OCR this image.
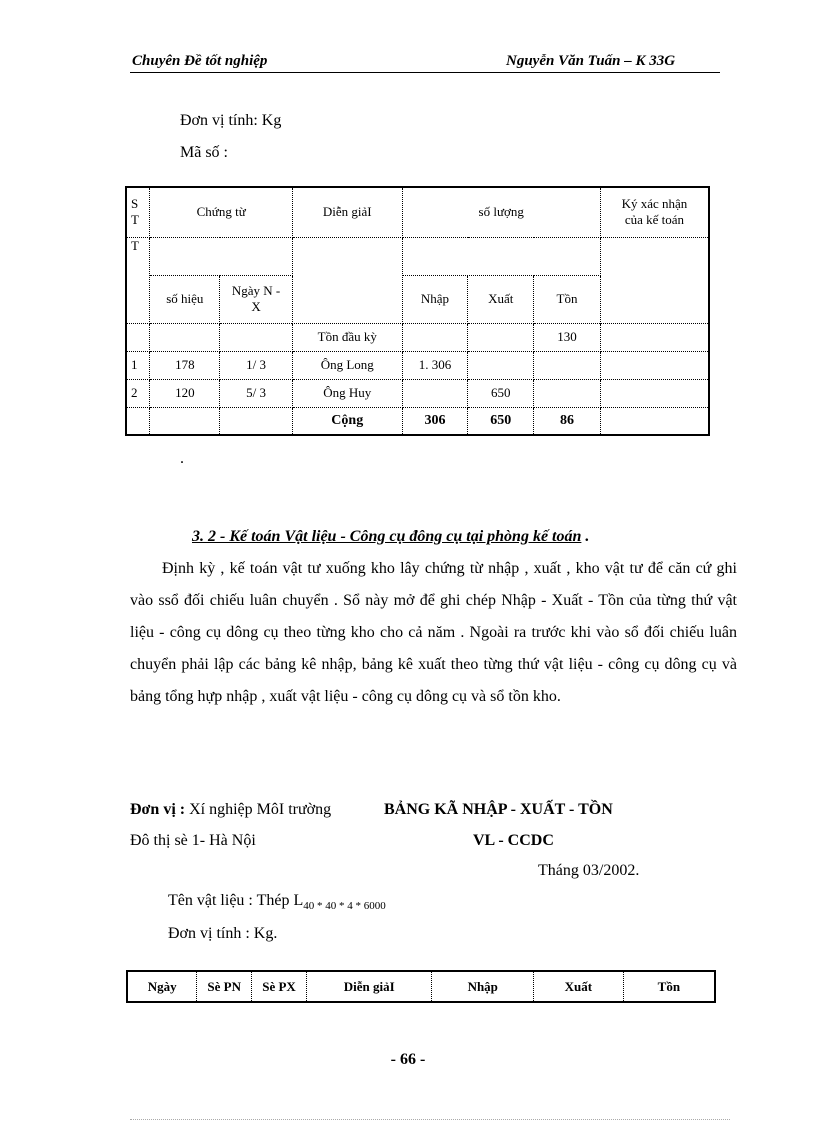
Chuyên Đề tốt nghiệp	Nguyễn Văn Tuấn – K 33G
Đơn vị tính: Kg
Mã số :
S
T	Chứng từ		Diễn giảI	số lượng			Ký xác nhận
của kế toán
T							
	số hiệu	Ngày N -
X		Nhập	Xuất	Tồn	
			Tồn đầu kỳ			130	
1	178	1/ 3	Ông Long	1. 306			
2	120	5/ 3	Ông Huy		650		
			Cộng	306	650	86	
.
3. 2 - Kế toán Vật liệu - Công cụ đông cụ tại phòng kế toán .
Định kỳ , kế toán vật tư xuống kho lây chứng từ nhập , xuất , kho vật tư để căn cứ ghi vào ssổ đối chiếu luân chuyển . Sổ này mở để ghi chép Nhập - Xuất - Tồn của từng thứ vật liệu - công cụ dông cụ theo từng kho cho cả năm . Ngoài ra trước khi vào sổ đối chiếu luân chuyển phải lập các bảng kê nhập, bảng kê xuất theo từng thứ vật liệu - công cụ dông cụ và bảng tổng hựp nhập , xuất vật liệu - công cụ dông cụ và sổ tồn kho.
Đơn vị : Xí nghiệp MôI trường	BẢNG KÃ NHẬP - XUẤT - TỒN
Đô thị sè 1- Hà Nội	VL - CCDC
Tháng 03/2002.
Tên vật liệu : Thép $L_{40 * 40 * 4 * 6000}$
Đơn vị tính : Kg.
Ngày	Sè PN	Sè PX	Diễn giảI	Nhập	Xuất	Tồn
- 66 -
